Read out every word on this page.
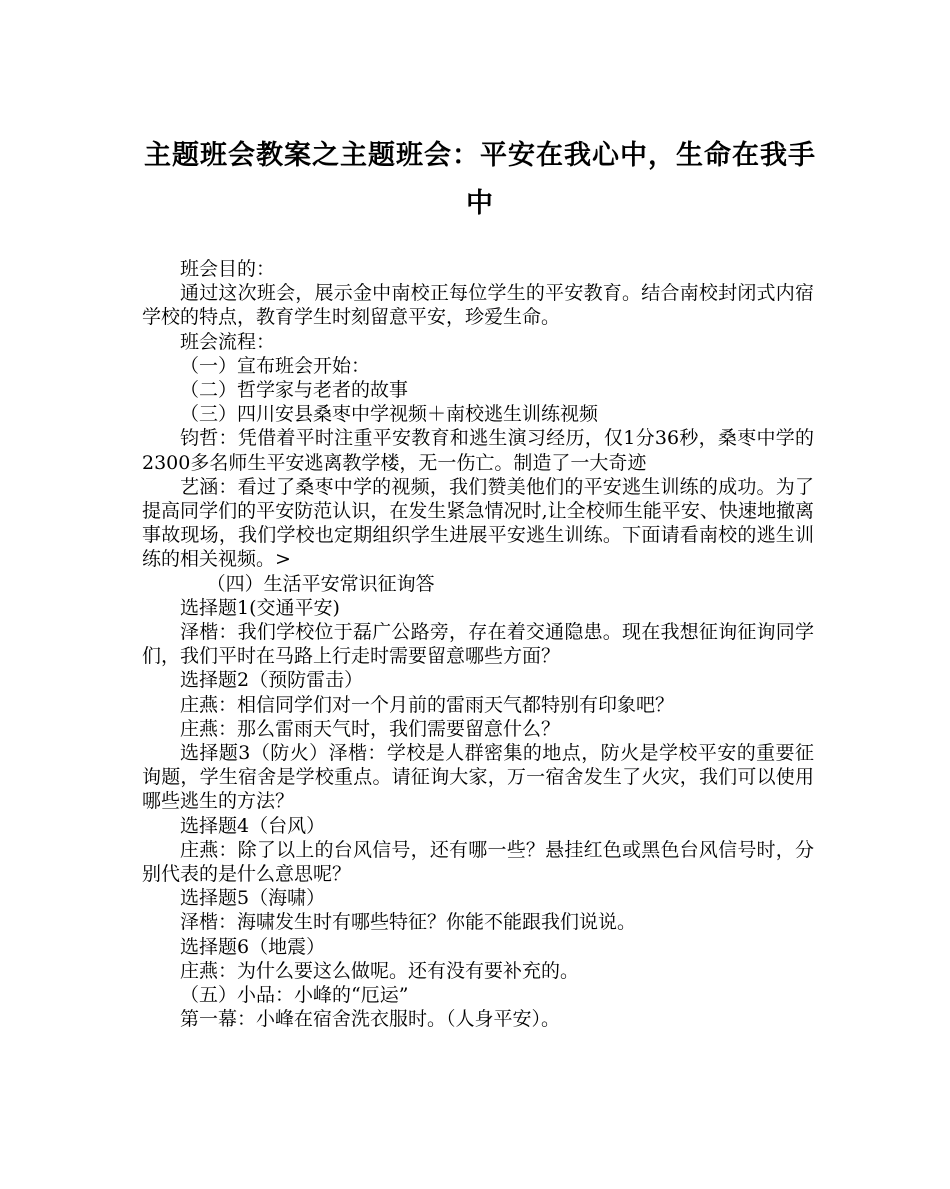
主题班会教案之主题班会：平安在我心中，生命在我手中

班会目的：

通过这次班会，展示金中南校正每位学生的平安教育。结合南校封闭式内宿学校的特点，教育学生时刻留意平安，珍爱生命。

班会流程：

（一）宣布班会开始：

（二）哲学家与老者的故事

（三）四川安县桑枣中学视频＋南校逃生训练视频

钧哲：凭借着平时注重平安教育和逃生演习经历，仅1分36秒，桑枣中学的2300多名师生平安逃离教学楼，无一伤亡。制造了一大奇迹

艺涵：看过了桑枣中学的视频，我们赞美他们的平安逃生训练的成功。为了提高同学们的平安防范认识，在发生紧急情况时,让全校师生能平安、快速地撤离事故现场，我们学校也定期组织学生进展平安逃生训练。下面请看南校的逃生训练的相关视频。>

（四）生活平安常识征询答

选择题1(交通平安)

泽楷：我们学校位于磊广公路旁，存在着交通隐患。现在我想征询征询同学们，我们平时在马路上行走时需要留意哪些方面？

选择题2（预防雷击）

庄燕：相信同学们对一个月前的雷雨天气都特别有印象吧？

庄燕：那么雷雨天气时，我们需要留意什么？

选择题3（防火）泽楷：学校是人群密集的地点，防火是学校平安的重要征询题，学生宿舍是学校重点。请征询大家，万一宿舍发生了火灾，我们可以使用哪些逃生的方法？

选择题4（台风）

庄燕：除了以上的台风信号，还有哪一些？悬挂红色或黑色台风信号时，分别代表的是什么意思呢？

选择题5（海啸）

泽楷：海啸发生时有哪些特征？你能不能跟我们说说。

选择题6（地震）

庄燕：为什么要这么做呢。还有没有要补充的。

（五）小品：小峰的“厄运”

第一幕：小峰在宿舍洗衣服时。（人身平安）。
